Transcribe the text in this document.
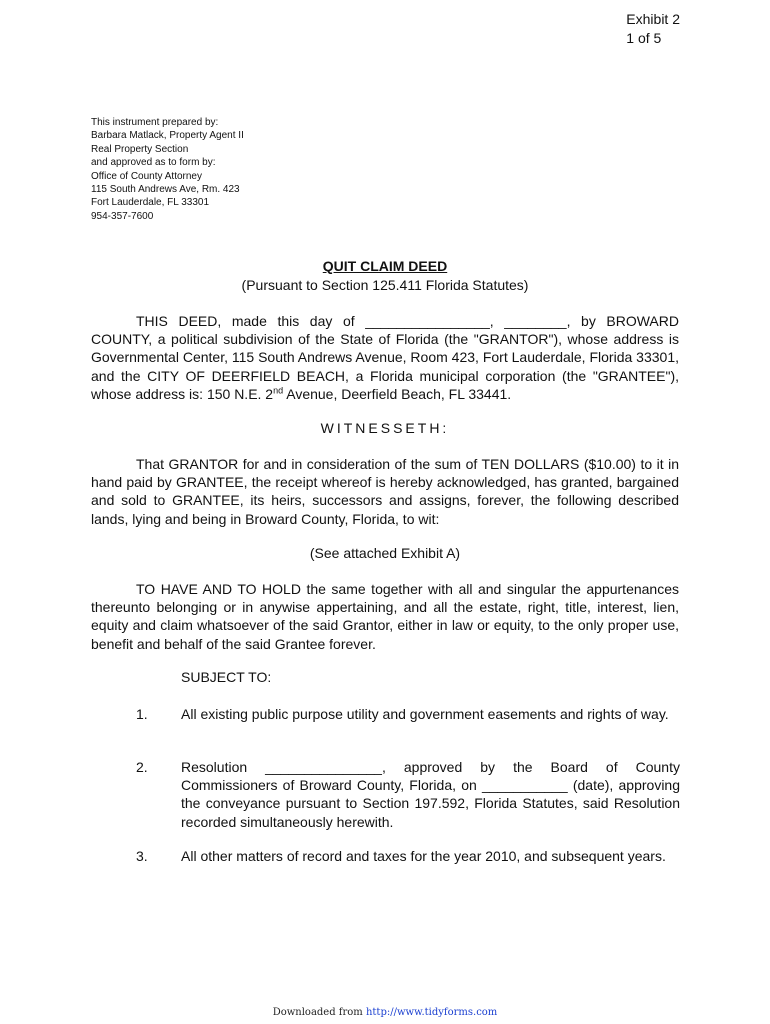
Exhibit 2
1 of 5
This instrument prepared by:
Barbara Matlack, Property Agent II
Real Property Section
and approved as to form by:
Office of County Attorney
115 South Andrews Ave, Rm. 423
Fort Lauderdale, FL 33301
954-357-7600
QUIT CLAIM DEED
(Pursuant to Section 125.411 Florida Statutes)
THIS DEED, made this day of ________________, ________, by BROWARD COUNTY, a political subdivision of the State of Florida (the "GRANTOR"), whose address is Governmental Center, 115 South Andrews Avenue, Room 423, Fort Lauderdale, Florida 33301, and the CITY OF DEERFIELD BEACH, a Florida municipal corporation (the "GRANTEE"), whose address is: 150 N.E. 2nd Avenue, Deerfield Beach, FL 33441.
WITNESSETH:
That GRANTOR for and in consideration of the sum of TEN DOLLARS ($10.00) to it in hand paid by GRANTEE, the receipt whereof is hereby acknowledged, has granted, bargained and sold to GRANTEE, its heirs, successors and assigns, forever, the following described lands, lying and being in Broward County, Florida, to wit:
(See attached Exhibit A)
TO HAVE AND TO HOLD the same together with all and singular the appurtenances thereunto belonging or in anywise appertaining, and all the estate, right, title, interest, lien, equity and claim whatsoever of the said Grantor, either in law or equity, to the only proper use, benefit and behalf of the said Grantee forever.
SUBJECT TO:
1. All existing public purpose utility and government easements and rights of way.
2. Resolution _______________, approved by the Board of County Commissioners of Broward County, Florida, on ___________ (date), approving the conveyance pursuant to Section 197.592, Florida Statutes, said Resolution recorded simultaneously herewith.
3. All other matters of record and taxes for the year 2010, and subsequent years.
Downloaded from http://www.tidyforms.com
